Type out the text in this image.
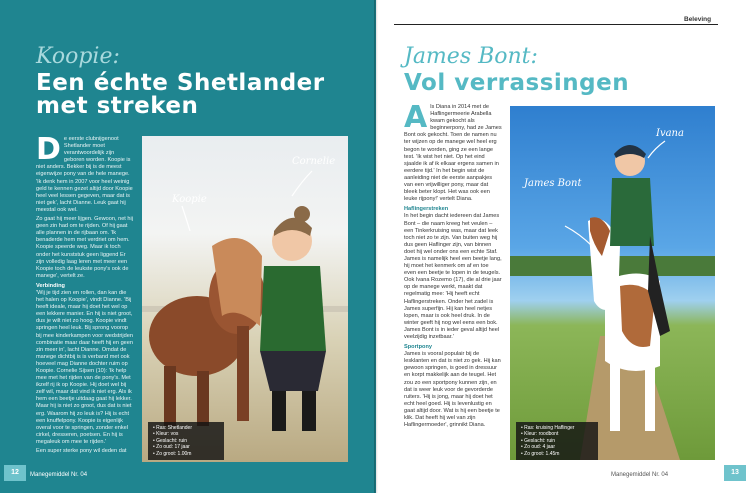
Koopie:
Een échte Shetlander
met streken
D e eerste clubnijgenoot Shetlander moet verantwoordelijk zijn geboren worden. Koopie is niet anders. Bekker bij is de meest eigenwijze pony van de hele manege. 'Ik denk hem in 2007 voor heel weinig geld te kennen gezet altijd door Koopie heel veel lessen gegeven, maar dat is niet gek', lacht Dianne. Leuk gaat hij meestal ook wel.

Zo gaat hij meer lijgen. Gewoon, net hij geen zin had om te rijden. Of hij gaat alle plannen in de rijbaan om. 'Ik benaderde hem met verdriet om hem. Koopie speerde weg. Maar ik toch onder het kunststuk geen liggend Er zijn volledig laag leren met meer een Koopie toch de leukste pony's ook de manege', vertelt ze.

Verbinding

'Wij je tijd zien en rollen, dan kan die het halen op Koopie', vindt Dianne. 'Bij heeft ideale, maar hij doet het wel op een lekkere manier. En hij is niet groot, dus je wilt niet zo hoog. Koopie vindt springen heel leuk. Bij sprong voorop bij mee kinderkampen voor wedstrijden combinatie maar daar heeft hij en geen zin meer in', lacht Dianne. Omdat de manege dichtbij is is verband met ook hoeveel mag Dianne dochter ruim op Koopie. Cornelie Sijsen (10): 'Ik help mee met het rijden van de pony's. Met ikzelf rij ik op Koopie. Hij doet wel bij zelf wil, maar dat vind ik niet erg. Als ik hem een beetje uitdaag gaat hij lekker. Maar hij is niet zo groot, dus dat is niet erg. Waarom hij zo leuk is? Hij is echt een knuffelpony. Koopie is eigenlijk overal voor te springen, zonder enkel cirkel, dresseren, poetsen. En hij is megaleuk om mee te rijden.'

Een super sterke pony wil deden dat

Koopie
Cornelie
• Ras: Shetlander
• Kleur: vos
• Geslacht: ruin
• Zo oud: 17 jaar
• Zo groot: 1.00m
12	Manegemiddel Nr. 04
Beleving
James Bont:
Vol verrassingen
A ls Diana in 2014 met de Haflingermeerie Arabella kwam gekocht als beginnerpony, had ze James Bont ook gekocht. Toen de namen nu ter wijzen op de manege wel heel erg begon te worden, ging ze een lange test. 'Ik wist het niet. Op het eind sjaalde ik af ik elkaar ergens samen in eerdere tijd.' In het begin wist de aanleiding niet de eerste aanpakjes van een vrijwilliger pony, maar dat bleek beter klopt. Het was ook een leuke rijpony!' vertelt Diana.

Haflingerstreken

In het begin dacht iedereen dat James Bont – die naam kreeg het veulen – een Tinkerkruising was, maar dat leek toch niet zo te zijn. Van buiten weg hij dus geen Haflinger zijn, van binnen doet hij wel onder ons een echte Staf. James is namelijk heel een beetje lang, hij moet het kenmerk om af en toe even een beetje te lopen in de teugels. Ook Ivana Rozemo (17), die al drie jaar op de manege werkt, maakt dat regelmatig mee: 'Hij heeft echt Haflingerstreken. Onder het zadel is James superfijn. Hij kan heel netjes lopen, maar is ook heel druk. In de winter geeft hij nog wel eens een bok. James Bont is in ieder geval altijd heel veelzijdig inzetbaar.'

Sportpony

James is vooral populair bij de lesklanten en dat is niet zo gek. Hij kan gewoon springen, is goed in dressuur en korpt makkelijk aan de teugel. Het zou zo een sportpony kunnen zijn, en dat is weer leuk voor de gevorderde ruiters. 'Hij is jong, maar hij doet het echt heel goed. Hij is levenlustig en gaat altijd door. Wat is hij een beetje te klik. Dat heeft hij wel van zijn Haflingermoeder', grinnikt Diana.

James Bont
Ivana
• Ras: kruising Haflinger
• Kleur: roodbont
• Geslacht: ruin
• Zo oud: 4 jaar
• Zo groot: 1.45m
Manegemiddel Nr. 04	13
